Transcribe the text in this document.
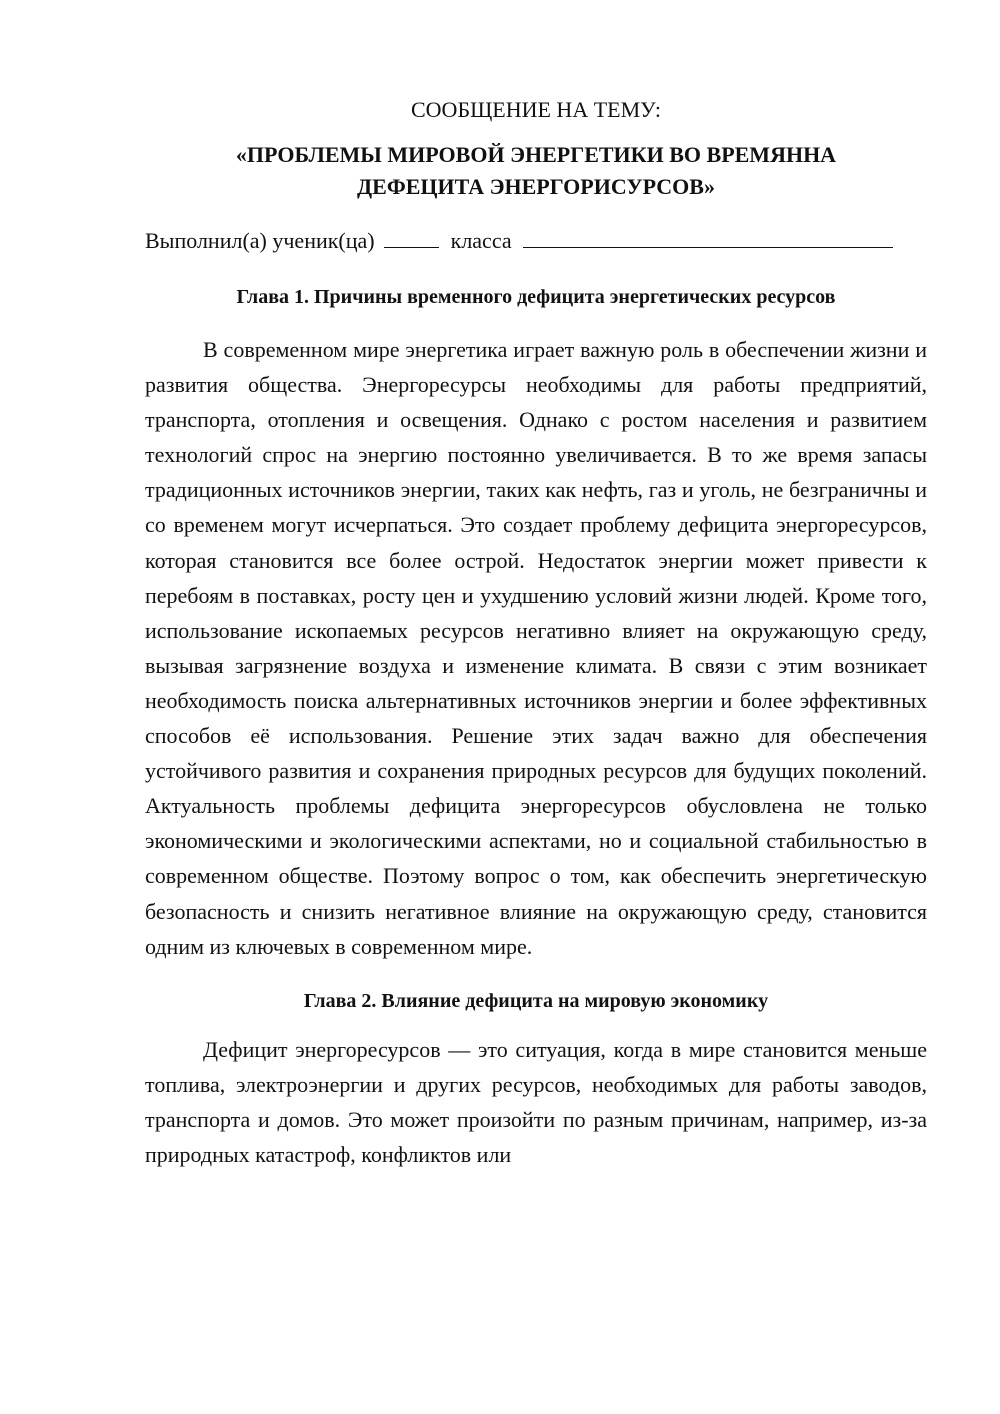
СООБЩЕНИЕ НА ТЕМУ:

«ПРОБЛЕМЫ МИРОВОЙ ЭНЕРГЕТИКИ ВО ВРЕМЯННА

ДЕФЕЦИТА ЭНЕРГОРИСУРСОВ»

Выполнил(а) ученик(ца)	класса
Глава 1. Причины временного дефицита энергетических ресурсов

В современном мире энергетика играет важную роль в обеспечении жизни и развития общества. Энергоресурсы необходимы для работы предприятий, транспорта, отопления и освещения. Однако с ростом населения и развитием технологий спрос на энергию постоянно увеличивается. В то же время запасы традиционных источников энергии, таких как нефть, газ и уголь, не безграничны и со временем могут исчерпаться. Это создает проблему дефицита энергоресурсов, которая становится все более острой. Недостаток энергии может привести к перебоям в поставках, росту цен и ухудшению условий жизни людей. Кроме того, использование ископаемых ресурсов негативно влияет на окружающую среду, вызывая загрязнение воздуха и изменение климата. В связи с этим возникает необходимость поиска альтернативных источников энергии и более эффективных способов её использования. Решение этих задач важно для обеспечения устойчивого развития и сохранения природных ресурсов для будущих поколений. Актуальность проблемы дефицита энергоресурсов обусловлена не только экономическими и экологическими аспектами, но и социальной стабильностью в современном обществе. Поэтому вопрос о том, как обеспечить энергетическую безопасность и снизить негативное влияние на окружающую среду, становится одним из ключевых в современном мире.

Глава 2. Влияние дефицита на мировую экономику

Дефицит энергоресурсов — это ситуация, когда в мире становится меньше топлива, электроэнергии и других ресурсов, необходимых для работы заводов, транспорта и домов. Это может произойти по разным причинам, например, из-за природных катастроф, конфликтов или
